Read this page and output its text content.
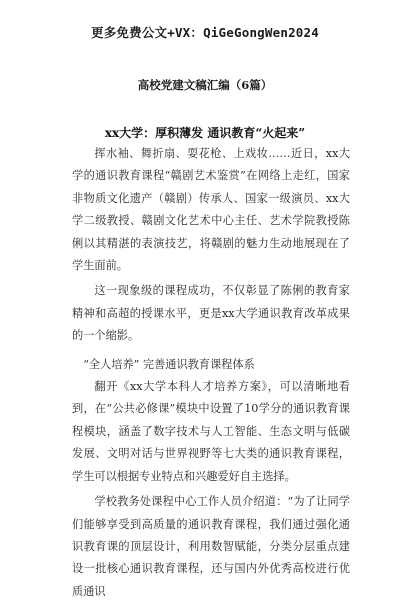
更多免费公文+VX：QiGeGongWen2024
高校党建文稿汇编（6篇）
xx大学：厚积薄发 通识教育“火起来”

挥水袖、舞折扇、耍花枪、上戏妆……近日，xx大学的通识教育课程“赣剧艺术鉴赏”在网络上走红，国家非物质文化遗产（赣剧）传承人、国家一级演员、xx大学二级教授、赣剧文化艺术中心主任、艺术学院教授陈俐以其精湛的表演技艺，将赣剧的魅力生动地展现在了学生面前。

这一现象级的课程成功，不仅彰显了陈俐的教育家精神和高超的授课水平，更是xx大学通识教育改革成果的一个缩影。

“全人培养” 完善通识教育课程体系

翻开《xx大学本科人才培养方案》，可以清晰地看到，在“公共必修课”模块中设置了10学分的通识教育课程模块，涵盖了数字技术与人工智能、生态文明与低碳发展、文明对话与世界视野等七大类的通识教育课程，学生可以根据专业特点和兴趣爱好自主选择。

学校教务处课程中心工作人员介绍道：“为了让同学们能够享受到高质量的通识教育课程，我们通过强化通识教育课的顶层设计，利用数智赋能，分类分层重点建设一批核心通识教育课程，还与国内外优秀高校进行优质通识
